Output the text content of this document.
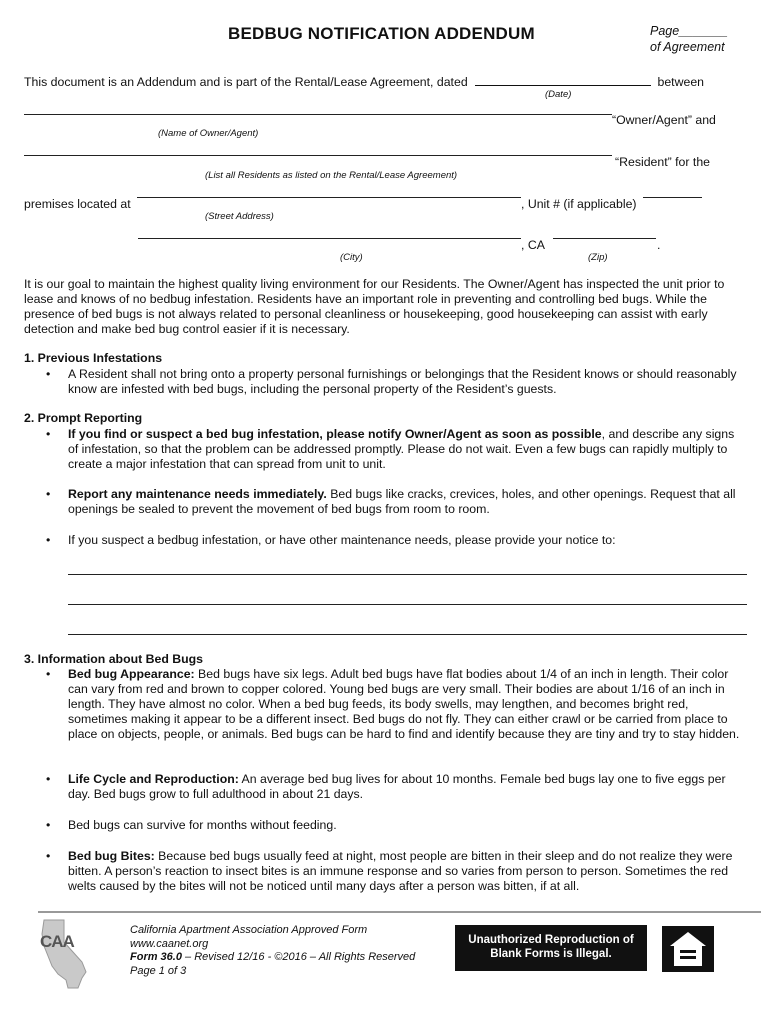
BEDBUG NOTIFICATION ADDENDUM	Page_______
of Agreement
This document is an Addendum and is part of the Rental/Lease Agreement, dated	between
(Date)
“Owner/Agent” and
(Name of Owner/Agent)
“Resident” for the
(List all Residents as listed on the Rental/Lease Agreement)
premises located at	, Unit # (if applicable)
(Street Address)
, CA	.
(City)	(Zip)
It is our goal to maintain the highest quality living environment for our Residents. The Owner/Agent has inspected the unit prior to lease and knows of no bedbug infestation. Residents have an important role in preventing and controlling bed bugs. While the presence of bed bugs is not always related to personal cleanliness or housekeeping, good housekeeping can assist with early detection and make bed bug control easier if it is necessary.
1. Previous Infestations
• A Resident shall not bring onto a property personal furnishings or belongings that the Resident knows or should reasonably know are infested with bed bugs, including the personal property of the Resident’s guests.
2. Prompt Reporting
• If you find or suspect a bed bug infestation, please notify Owner/Agent as soon as possible, and describe any signs of infestation, so that the problem can be addressed promptly. Please do not wait. Even a few bugs can rapidly multiply to create a major infestation that can spread from unit to unit.
• Report any maintenance needs immediately. Bed bugs like cracks, crevices, holes, and other openings. Request that all openings be sealed to prevent the movement of bed bugs from room to room.
• If you suspect a bedbug infestation, or have other maintenance needs, please provide your notice to:
3. Information about Bed Bugs
• Bed bug Appearance: Bed bugs have six legs. Adult bed bugs have flat bodies about 1/4 of an inch in length. Their color can vary from red and brown to copper colored. Young bed bugs are very small. Their bodies are about 1/16 of an inch in length. They have almost no color. When a bed bug feeds, its body swells, may lengthen, and becomes bright red, sometimes making it appear to be a different insect. Bed bugs do not fly. They can either crawl or be carried from place to place on objects, people, or animals. Bed bugs can be hard to find and identify because they are tiny and try to stay hidden.
• Life Cycle and Reproduction: An average bed bug lives for about 10 months. Female bed bugs lay one to five eggs per day. Bed bugs grow to full adulthood in about 21 days.
• Bed bugs can survive for months without feeding.
• Bed bug Bites: Because bed bugs usually feed at night, most people are bitten in their sleep and do not realize they were bitten. A person’s reaction to insect bites is an immune response and so varies from person to person. Sometimes the red welts caused by the bites will not be noticed until many days after a person was bitten, if at all.
CAA
California Apartment Association Approved Form
www.caanet.org
Form 36.0 – Revised 12/16 - ©2016 – All Rights Reserved
Page 1 of 3
Unauthorized Reproduction of
Blank Forms is Illegal.
